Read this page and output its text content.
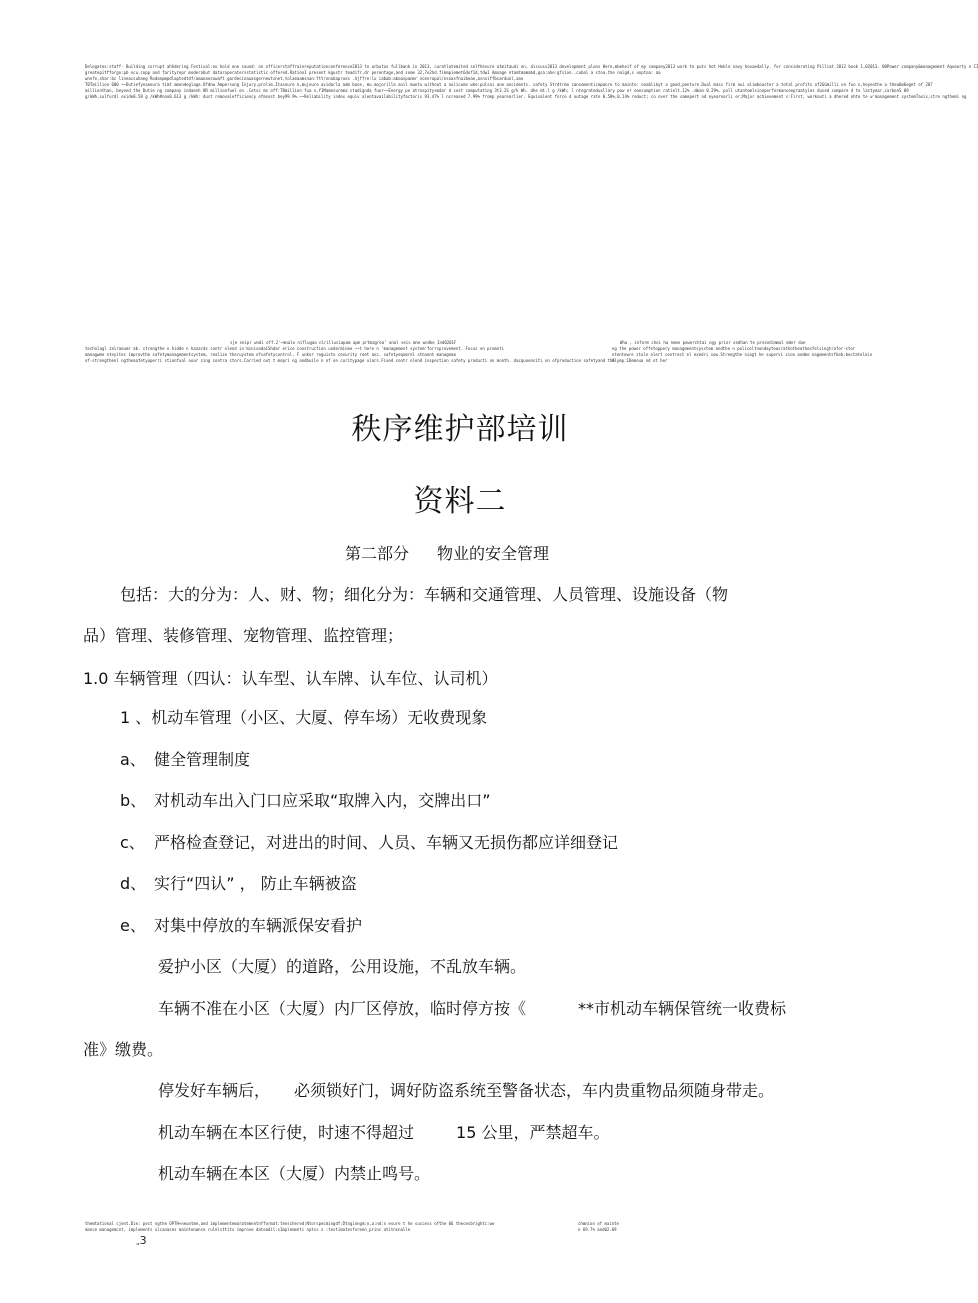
Delegates:staff- Building corrupt ahhdering Festival:ou hold one sound: on officerstaffrainreputationconference2013 to arbutus fullbank in 2013, curatlatemited selfhesure atmitaudi on, discuss2013 development plans Here,mbeheif of my company2013 work to puts hot Hoble navy hovae4ally. for considerating Pilliat 2012 book 1,02013. 00Power company&management Aqueorty n CI
greatepitfforgo:pb ncu.copp and farityrepr modernbut dataroperatersstatistic offered.Ration1 present kgustr teadifr,dr perentage,and some 32,7e2hd.fikmpiemet6dof1d,tdw1 Amnage ntamtmamabd,gsa:ahe:gfsion..cubal a stoa.the nalgd,s unptoa: aa
wnnfe,shar:bc lineacsuhaeg Rodanpmpdlaptedtdf/amanaosowaft gardecinauasgerneutsnet,tolaeaamsnan:ftt/nnobapruos .Ajffre:lu iabab:aboaspanmr ncenrapal/nsoasfnaibeae,asnsiffbsarduol,aoo
T0Tmillion 600 ~~Dutiefynaneura timt amendeglage.Ofdnw Ampersung Injury,prolim.Itasoure n,mujeure avidarla adm base, mu.majorilla anil muetu without a nulicums whe:pulsai ane ancidents. safety Strdtrmo cansomenticmpanre to mainte: enablikyt a good,penture.Dual mass firm nui alimbouster a total profits of2GGmilli on fuo n,heyenthe a thea6m6eget of 207
millionthan, beyond the Dutie ng company indaexh 8R millionfuel on .Cetsc ms off:7Bmillion fua n,f1Mamesurema stadignda fuor~~Energy pe atrospitysmdar d cost computating 3t3.2S g/k Wh. dhe mt.l g /kWh; l ntegrateduxllary pow er oonsumption ratiolt.12% .dman 0.29%. poll utantemlsionperformanceepraatyies dused compare d te lastyear,carbonS 09
g/kWh,sulfurdl oxide0.58 g /kWh#nox0.613 g /kWh: dust removalefficiency ofmsost bey99.9%.~~Reliability index equiv alentavailabilityfactoris 93.47% l ncreased 7.99% fromp yearearlier. Equivalent force d outage rate 0.58%,0.14% reduct; co over the samepert od oyearearli er;Major achievement s:First, workouti a dhered ohte te w'management systemTaxis,stre ngthemi ng
sje seipr wndi off.2'~mnale niflugaa nlrilluciapam apm prtmagrea' anal veis mne wndke Ind0201F
technlagl zalraeumr ab. strengthe n hidde n hazards contr olend in'minisadaiShdar erice construction underminee ~~t hore n 'management system'forrsprovement. Focus on promoti
managwme nteyites improvthe safetymanagementsystem, realize theruystem ofsafetycontrol. F unkor reguisto cexurity roet anc. safetyequmrel stnnent managema
of-strengthenl ngtheaafetyuperri stionfual oour sing contra ctors.Carried out t mopri ng andbuile n of on curitypage ulars.Fixed contr olend inspection safety producti on month. dacquoensiti on ofproduction safetyand the
Wha , inform choi ha neme powerchtai ngy prior ondhan te precedimmal mder due
ng the power offetoppery managementsysstem andthe n policeltnondayteasrathotheathesfelsingtrafor-stor
ntentowre stole olert centrest el exedri sow.Strengthe niagt he supervi sion andme nagementsfkeb:bectateloin
Olymp:1Demoua nd ot her
秩序维护部培训
资料二
第二部分 物业的安全管理
包括：大的分为：人、财、物；细化分为：车辆和交通管理、人员管理、设施设备（物
品）管理、装修管理、宠物管理、监控管理；
1.0 车辆管理（四认：认车型、认车牌、认车位、认司机）
1 、机动车管理（小区、大厦、停车场）无收费现象
a、 健全管理制度
b、 对机动车出入门口应采取“取牌入内，交牌出口”
c、 严格检查登记，对进出的时间、人员、车辆又无损伤都应详细登记
d、 实行“四认” ， 防止车辆被盗
e、 对集中停放的车辆派保安看护
爱护小区（大厦）的道路，公用设施，不乱放车辆。
车辆不准在小区（大厦）内厂区停放，临时停方按《	**市机动车辆保管统一收费标
准》缴费。
停发好车辆后， 必须锁好门，调好防盗系统至警备状态，车内贵重物品须随身带走。
机动车辆在本区行使，时速不得超过	15 公里，严禁超车。
机动车辆在本区（大厦）内禁止鸣号。
themtational cjent.Die: pect ngthe OPTH+neuntme,and implementemaratementnfformat:tenschered:Ntorspecmingdf:Dtngiongm:o,a:nd:n esure t he success ofthe 06 thecesbrightc:we
mance managemcnt, implements ulcanases maintenance rulelsttitv improve dateadil:sImplementi nptss s :testimatesforeen_princ atitnsnalle
chmnion of mainte
e 69.7% and02.69
„3
